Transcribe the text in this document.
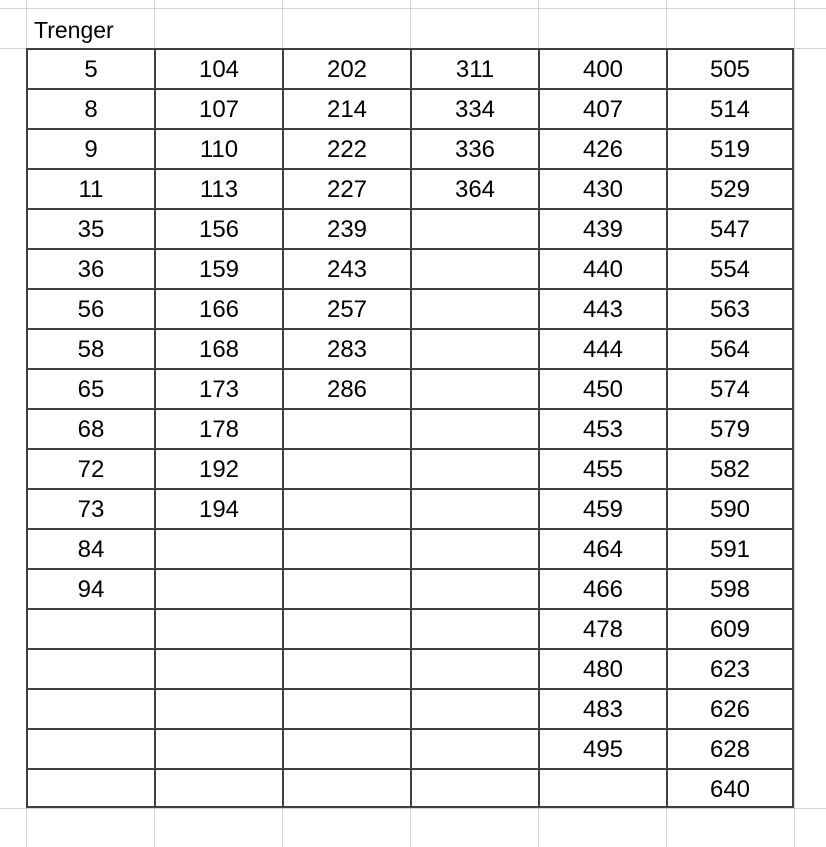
Trenger
5
8
9
11
35
36
56
58
65
68
72
73
84
94
104
107
110
113
156
159
166
168
173
178
192
194
202
214
222
227
239
243
257
283
286
311
334
336
364
400
407
426
430
439
440
443
444
450
453
455
459
464
466
478
480
483
495
505
514
519
529
547
554
563
564
574
579
582
590
591
598
609
623
626
628
640
